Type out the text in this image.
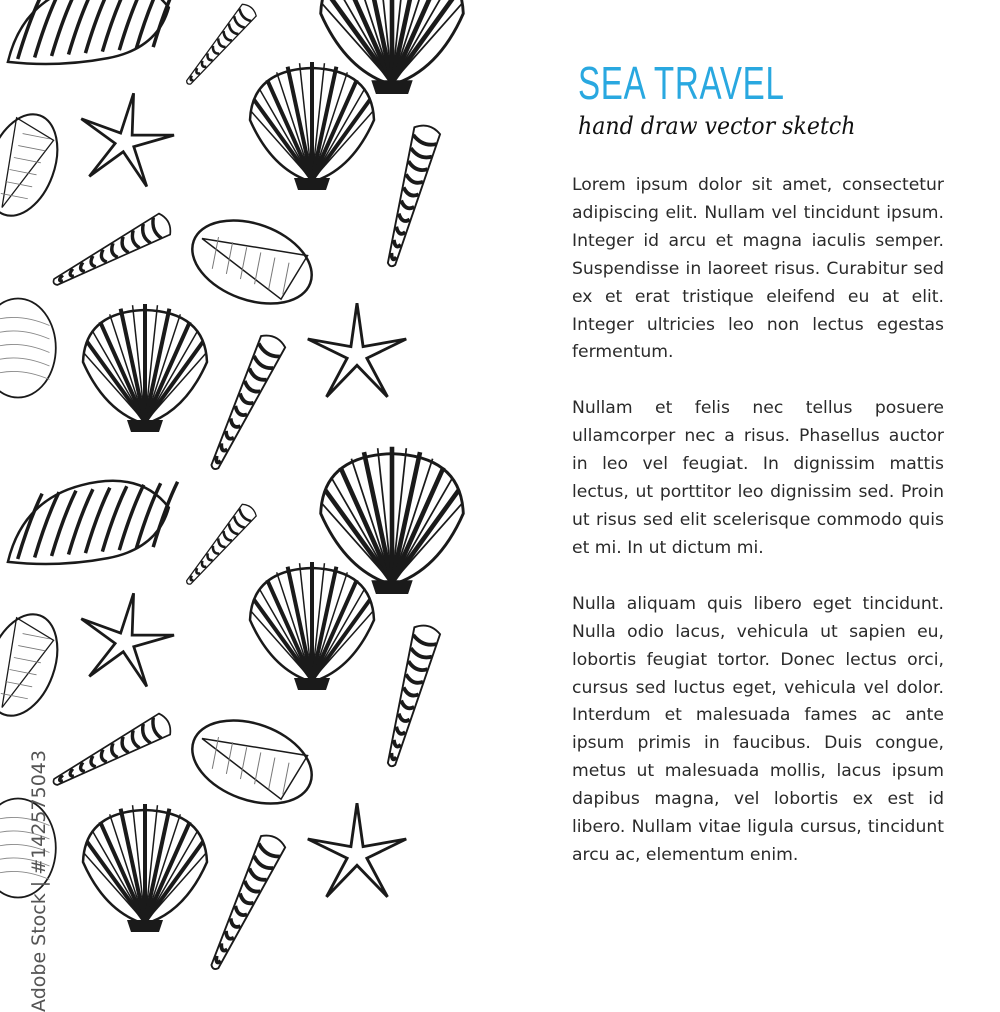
SEA TRAVEL
hand draw vector sketch

Lorem ipsum dolor sit amet, consectetur adipiscing elit. Nullam vel tincidunt ipsum. Integer id arcu et magna iaculis semper. Suspendisse in laoreet risus. Curabitur sed ex et erat tristique eleifend eu at elit. Integer ultricies leo non lectus egestas fermentum.

Nullam et felis nec tellus posuere ullamcorper nec a risus. Phasellus auctor in leo vel feugiat. In dignissim mattis lectus, ut porttitor leo dignissim sed. Proin ut risus sed elit scelerisque commodo quis et mi. In ut dictum mi.

Nulla aliquam quis libero eget tincidunt. Nulla odio lacus, vehicula ut sapien eu, lobortis feugiat tortor. Donec lectus orci, cursus sed luctus eget, vehicula vel dolor. Interdum et malesuada fames ac ante ipsum primis in faucibus. Duis congue, metus ut malesuada mollis, lacus ipsum dapibus magna, vel lobortis ex est id libero. Nullam vitae ligula cursus, tincidunt arcu ac, elementum enim.

Adobe Stock | #142575043
